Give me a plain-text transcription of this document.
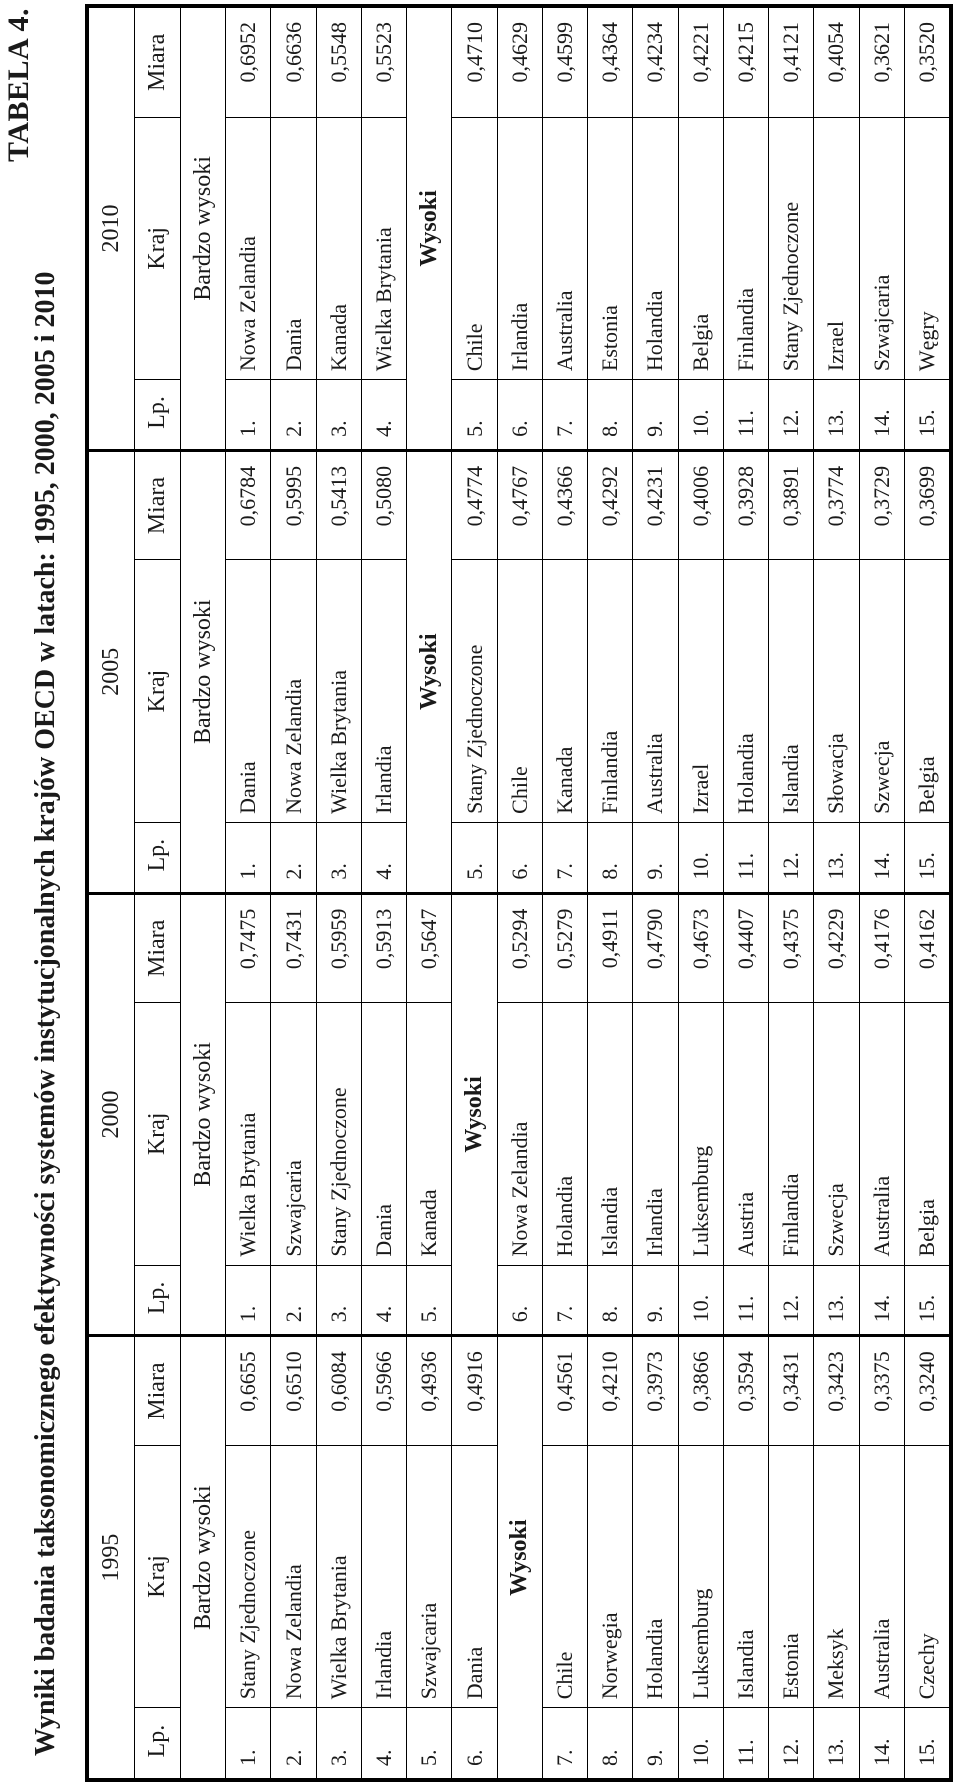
TABELA 4.
Wyniki badania taksonomicznego efektywności systemów instytucjonalnych krajów OECD w latach: 1995, 2000, 2005 i 2010 1995			2000			2005			2010		
Lp.	Kraj	Miara	Lp.	Kraj	Miara	Lp.	Kraj	Miara	Lp.	Kraj	Miara
Bardzo wysoki			Bardzo wysoki			Bardzo wysoki			Bardzo wysoki		
1.	Stany Zjednoczone	0,6655	1.	Wielka Brytania	0,7475	1.	Dania	0,6784	1.	Nowa Zelandia	0,6952
2.	Nowa Zelandia	0,6510	2.	Szwajcaria	0,7431	2.	Nowa Zelandia	0,5995	2.	Dania	0,6636
3.	Wielka Brytania	0,6084	3.	Stany Zjednoczone	0,5959	3.	Wielka Brytania	0,5413	3.	Kanada	0,5548
4.	Irlandia	0,5966	4.	Dania	0,5913	4.	Irlandia	0,5080	4.	Wielka Brytania	0,5523
5.	Szwajcaria	0,4936	5.	Kanada	0,5647	Wysoki			Wysoki		
6.	Dania	0,4916	Wysoki			5.	Stany Zjednoczone	0,4774	5.	Chile	0,4710
Wysoki			6.	Nowa Zelandia	0,5294	6.	Chile	0,4767	6.	Irlandia	0,4629
7.	Chile	0,4561	7.	Holandia	0,5279	7.	Kanada	0,4366	7.	Australia	0,4599
8.	Norwegia	0,4210	8.	Islandia	0,4911	8.	Finlandia	0,4292	8.	Estonia	0,4364
9.	Holandia	0,3973	9.	Irlandia	0,4790	9.	Australia	0,4231	9.	Holandia	0,4234
10.	Luksemburg	0,3866	10.	Luksemburg	0,4673	10.	Izrael	0,4006	10.	Belgia	0,4221
11.	Islandia	0,3594	11.	Austria	0,4407	11.	Holandia	0,3928	11.	Finlandia	0,4215
12.	Estonia	0,3431	12.	Finlandia	0,4375	12.	Islandia	0,3891	12.	Stany Zjednoczone	0,4121
13.	Meksyk	0,3423	13.	Szwecja	0,4229	13.	Słowacja	0,3774	13.	Izrael	0,4054
14.	Australia	0,3375	14.	Australia	0,4176	14.	Szwecja	0,3729	14.	Szwajcaria	0,3621
15.	Czechy	0,3240	15.	Belgia	0,4162	15.	Belgia	0,3699	15.	Węgry	0,3520
